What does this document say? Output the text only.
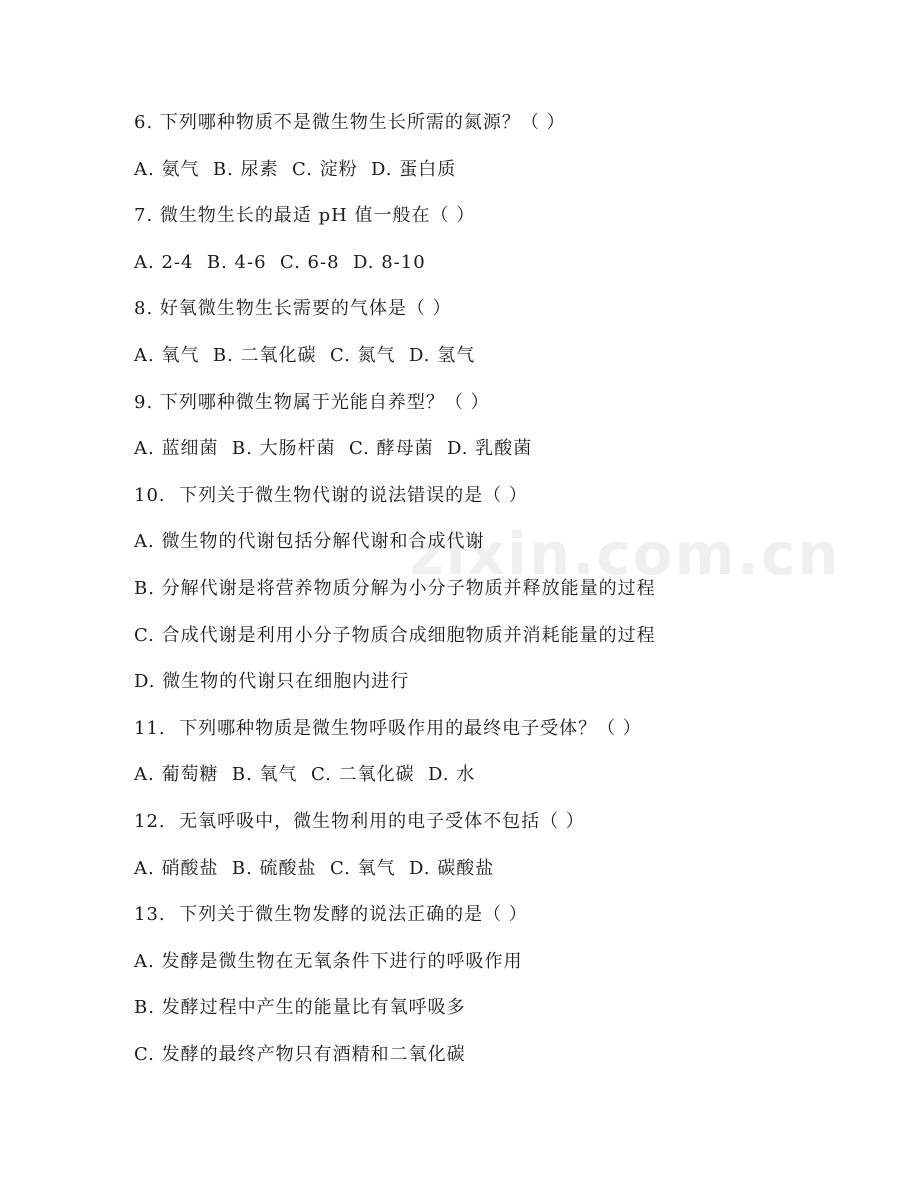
zixin.com.cn
6. 下列哪种物质不是微生物生长所需的氮源？（ ）
A. 氨气  B. 尿素  C. 淀粉  D. 蛋白质
7. 微生物生长的最适 pH 值一般在（ ）
A. 2-4  B. 4-6  C. 6-8  D. 8-10
8. 好氧微生物生长需要的气体是（ ）
A. 氧气  B. 二氧化碳  C. 氮气  D. 氢气
9. 下列哪种微生物属于光能自养型？（ ）
A. 蓝细菌  B. 大肠杆菌  C. 酵母菌  D. 乳酸菌
10.  下列关于微生物代谢的说法错误的是（ ）
A. 微生物的代谢包括分解代谢和合成代谢
B. 分解代谢是将营养物质分解为小分子物质并释放能量的过程
C. 合成代谢是利用小分子物质合成细胞物质并消耗能量的过程
D. 微生物的代谢只在细胞内进行
11.  下列哪种物质是微生物呼吸作用的最终电子受体？（ ）
A. 葡萄糖  B. 氧气  C. 二氧化碳  D. 水
12.  无氧呼吸中，微生物利用的电子受体不包括（ ）
A. 硝酸盐  B. 硫酸盐  C. 氧气  D. 碳酸盐
13.  下列关于微生物发酵的说法正确的是（ ）
A. 发酵是微生物在无氧条件下进行的呼吸作用
B. 发酵过程中产生的能量比有氧呼吸多
C. 发酵的最终产物只有酒精和二氧化碳
